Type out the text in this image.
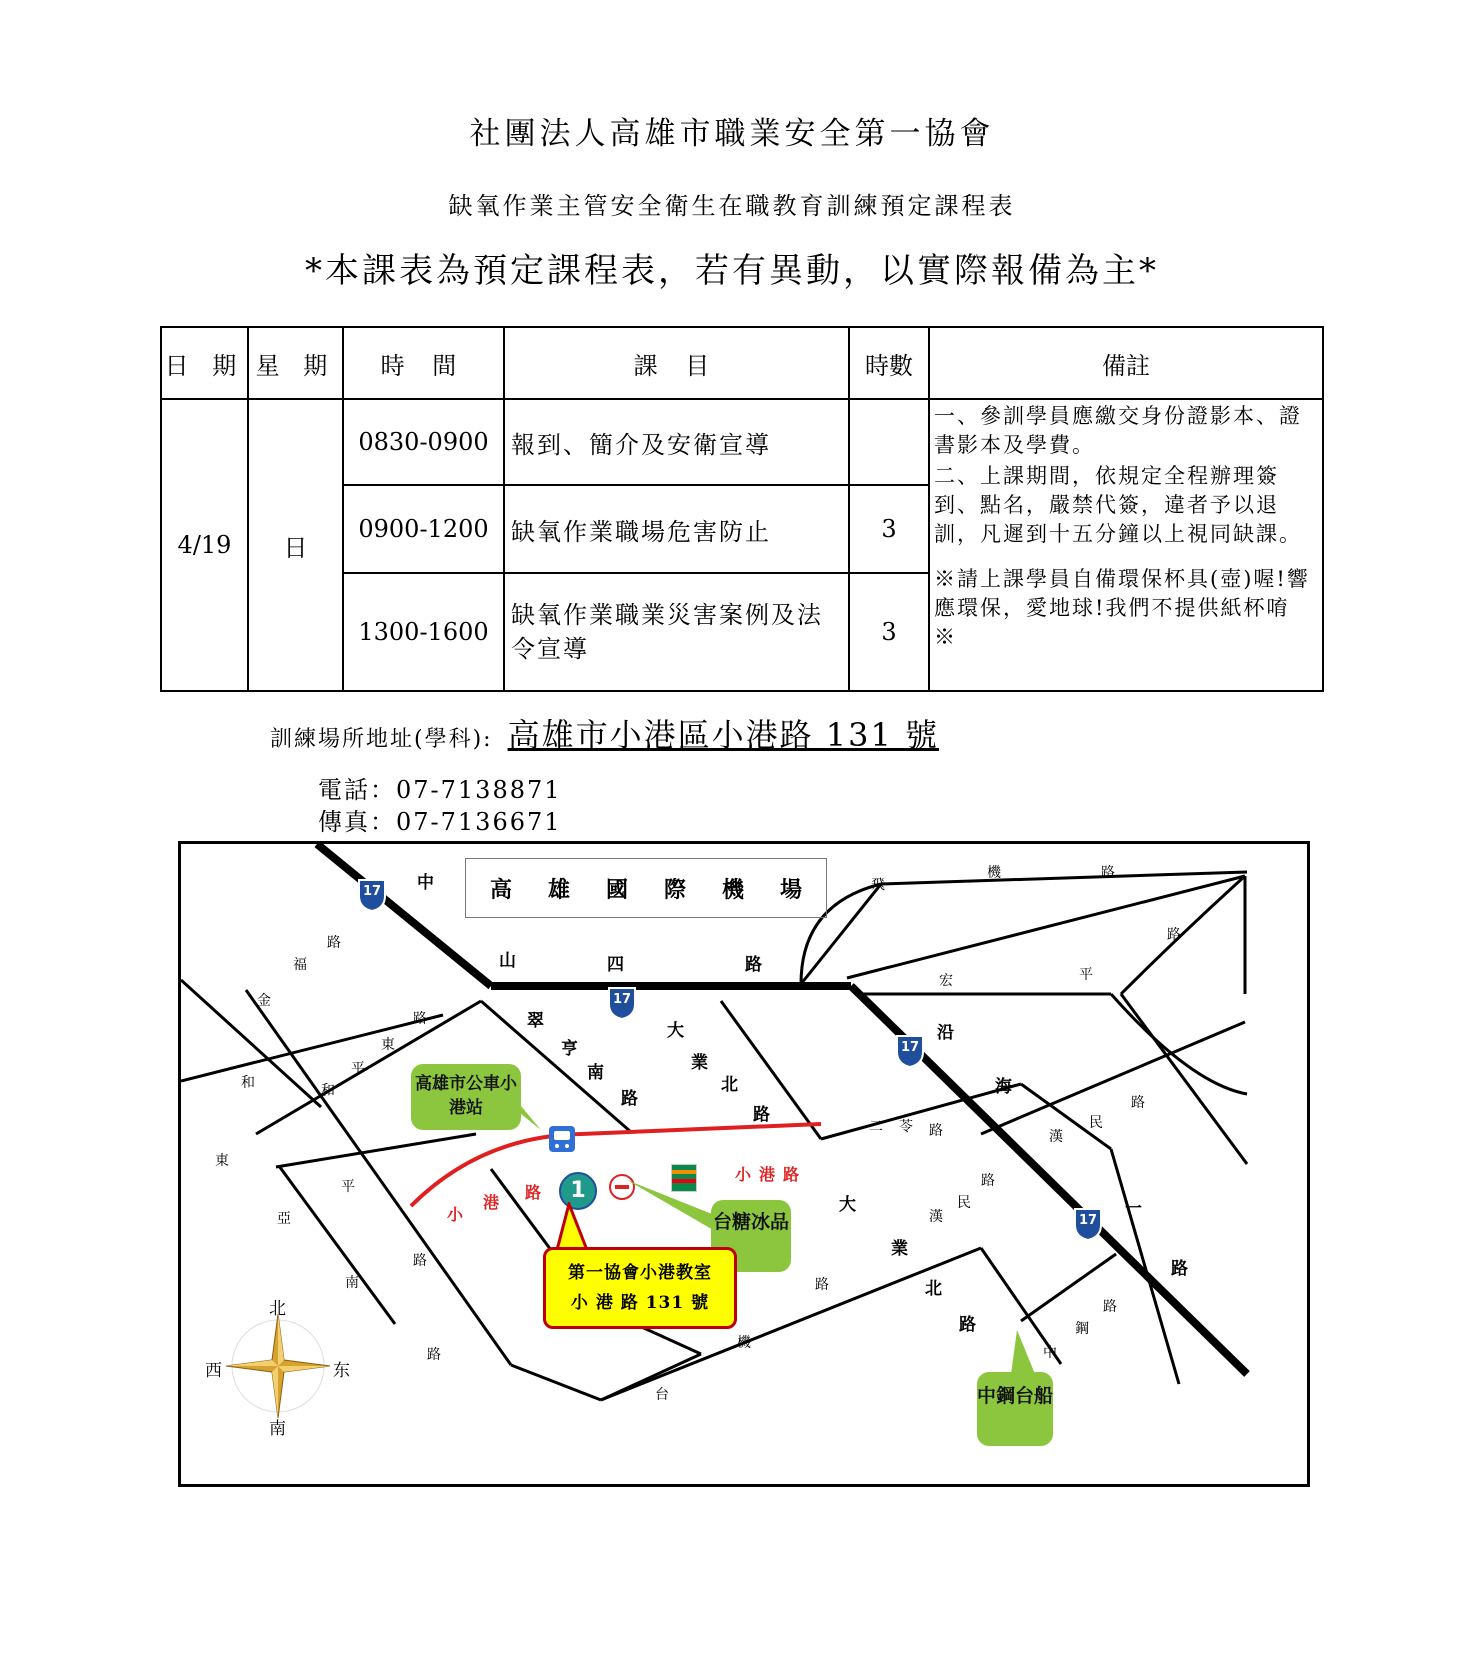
社團法人高雄市職業安全第一協會
缺氧作業主管安全衛生在職教育訓練預定課程表
*本課表為預定課程表，若有異動，以實際報備為主*
日 期	星 期	時 間	課 目	時數	備註
4/19	日	0830-0900	報到、簡介及安衛宣導		一、參訓學員應繳交身份證影本、證書影本及學費。

二、上課期間，依規定全程辦理簽到、點名，嚴禁代簽，違者予以退訓，凡遲到十五分鐘以上視同缺課。

※請上課學員自備環保杯具(壺)喔!響應環保，愛地球!我們不提供紙杯唷 ※

		0900-1200	缺氧作業職場危害防止	3	
		1300-1600	缺氧作業職業災害案例及法令宣導	3	
訓練場所地址(學科): 高雄市小港區小港路 131 號
電話：07-7138871
傳真：07-7136671
高 雄 國 際 機 場
17
17
17
17
中
山	四	路
飛
機	路
路
宏	平
路
福
金
翠
亨
南
路
大
業
北
路
沿
海
路
東
平
和
和
東
平
亞
路
南
路
二 苓 路
大
業
北
路
路
民
漢
漢
民
路
一
路
路
機
台
路
鋼
中
小
港
路
小 港 路
高雄市公車小港站
1
台糖冰品
第一協會小港教室
小 港 路 131 號
中鋼台船
北
南
东
西
